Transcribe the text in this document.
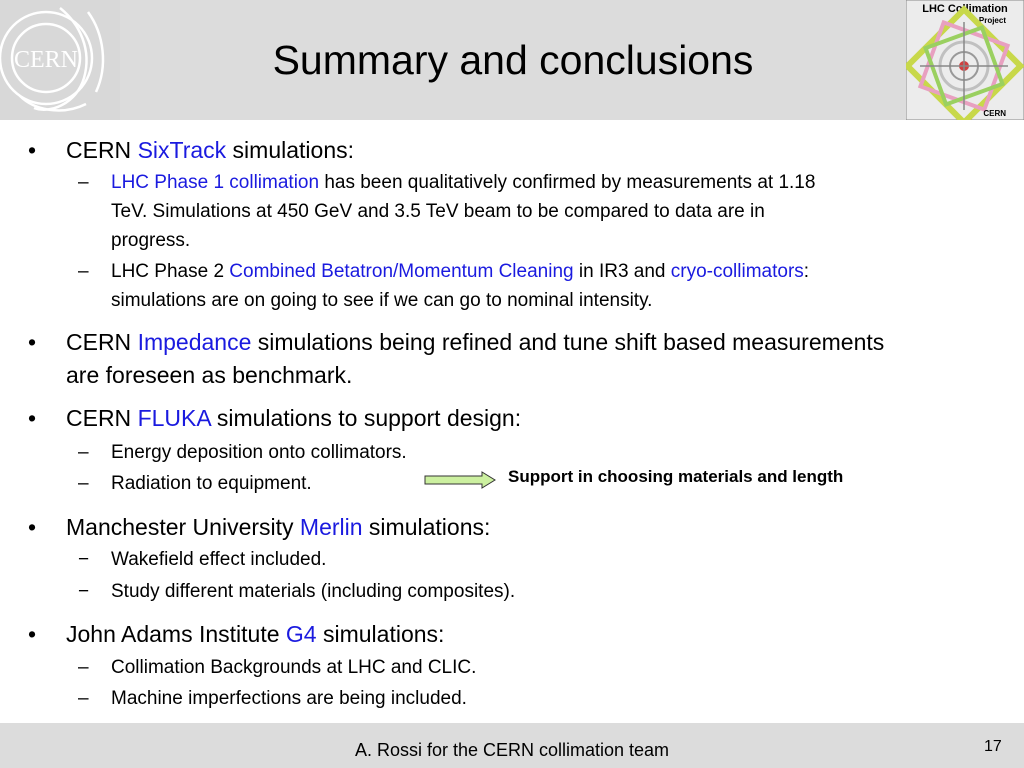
CERN	Summary and conclusions
LHC Collimation
Project
CERN
• CERN SixTrack simulations:
– LHC Phase 1 collimation has been qualitatively confirmed by measurements at 1.18
TeV. Simulations at 450 GeV and 3.5 TeV beam to be compared to data are in
progress.
– LHC Phase 2 Combined Betatron/Momentum Cleaning in IR3 and cryo-collimators:
simulations are on going to see if we can go to nominal intensity.
• CERN Impedance simulations being refined and tune shift based measurements
are foreseen as benchmark.
• CERN FLUKA simulations to support design:
– Energy deposition onto collimators.
– Radiation to equipment.	Support in choosing materials and length
• Manchester University Merlin simulations:
− Wakefield effect included.
− Study different materials (including composites).
• John Adams Institute G4 simulations:
– Collimation Backgrounds at LHC and CLIC.
– Machine imperfections are being included.
A. Rossi for the CERN collimation team	17
